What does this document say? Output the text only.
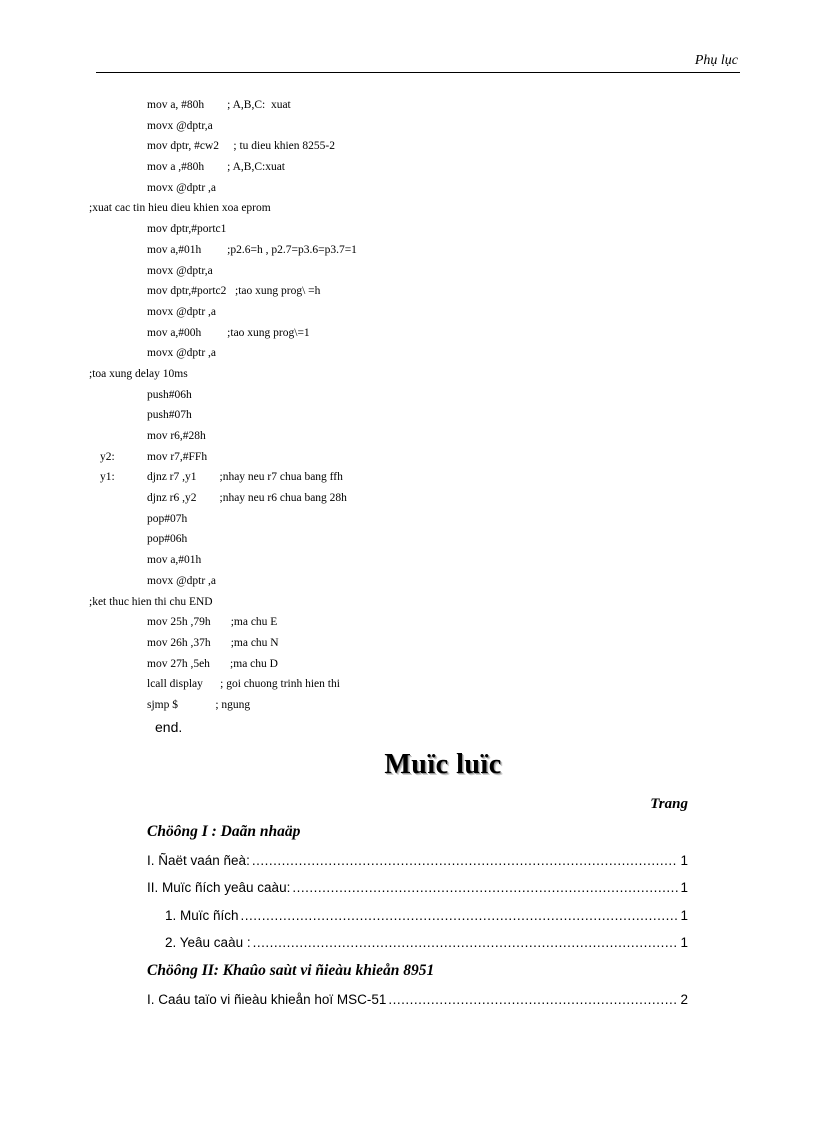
Phụ lục
mov a, #80h        ; A,B,C:  xuat
movx @dptr,a
mov dptr, #cw2     ; tu dieu khien 8255-2
mov a ,#80h        ; A,B,C:xuat
movx @dptr ,a
;xuat cac tin hieu dieu khien xoa eprom
mov dptr,#portc1
mov a,#01h         ;p2.6=h , p2.7=p3.6=p3.7=1
movx @dptr,a
mov dptr,#portc2   ;tao xung prog\ =h
movx @dptr ,a
mov a,#00h         ;tao xung prog\=1
movx @dptr ,a
;toa xung delay 10ms
push#06h
push#07h
mov r6,#28h
y2:	mov r7,#FFh
y1:	djnz r7 ,y1        ;nhay neu r7 chua bang ffh
djnz r6 ,y2        ;nhay neu r6 chua bang 28h
pop#07h
pop#06h
mov a,#01h
movx @dptr ,a
;ket thuc hien thi chu END
mov 25h ,79h       ;ma chu E
mov 26h ,37h       ;ma chu N
mov 27h ,5eh       ;ma chu D
lcall display      ; goi chuong trinh hien thi
sjmp $             ; ngung
end.
Muïc luïc
Trang
Chöông I : Daãn nhaäp
I. Ñaët vaán ñeà: .....	1
II. Muïc ñích yeâu caàu: .....	1
1. Muïc ñích .....	1
2. Yeâu caàu : .....	1
Chöông II: Khaûo saùt vi ñieàu khieån 8951
I. Caáu taïo vi ñieàu khieån hoï MSC-51 .....	2
